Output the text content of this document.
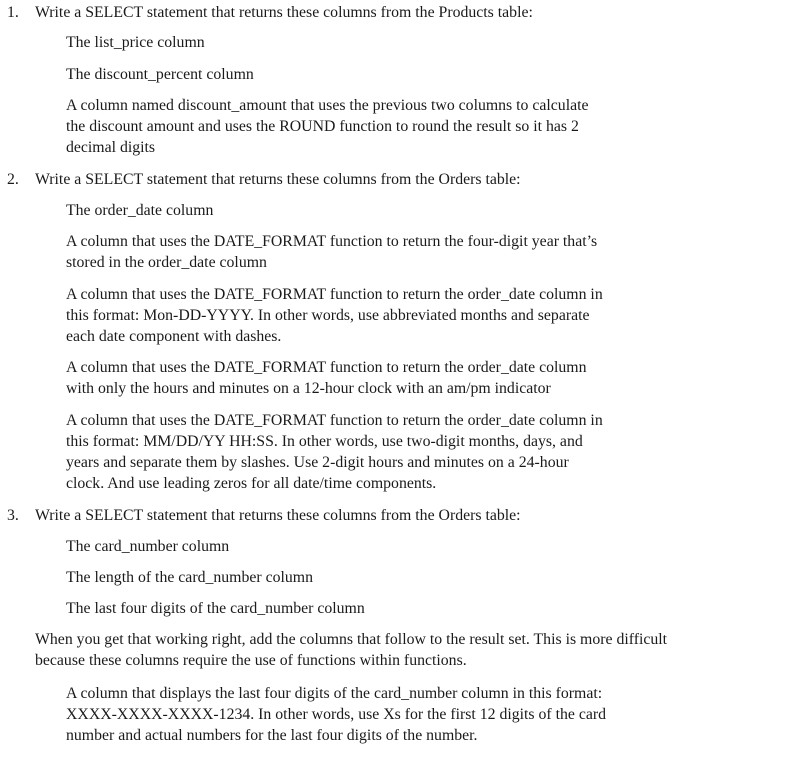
1. Write a SELECT statement that returns these columns from the Products table:
The list_price column
The discount_percent column
A column named discount_amount that uses the previous two columns to calculate
the discount amount and uses the ROUND function to round the result so it has 2
decimal digits
2. Write a SELECT statement that returns these columns from the Orders table:
The order_date column
A column that uses the DATE_FORMAT function to return the four-digit year that’s
stored in the order_date column
A column that uses the DATE_FORMAT function to return the order_date column in
this format: Mon-DD-YYYY. In other words, use abbreviated months and separate
each date component with dashes.
A column that uses the DATE_FORMAT function to return the order_date column
with only the hours and minutes on a 12-hour clock with an am/pm indicator
A column that uses the DATE_FORMAT function to return the order_date column in
this format: MM/DD/YY HH:SS. In other words, use two-digit months, days, and
years and separate them by slashes. Use 2-digit hours and minutes on a 24-hour
clock. And use leading zeros for all date/time components.
3. Write a SELECT statement that returns these columns from the Orders table:
The card_number column
The length of the card_number column
The last four digits of the card_number column
When you get that working right, add the columns that follow to the result set. This is more difficult
because these columns require the use of functions within functions.
A column that displays the last four digits of the card_number column in this format:
XXXX-XXXX-XXXX-1234. In other words, use Xs for the first 12 digits of the card
number and actual numbers for the last four digits of the number.
